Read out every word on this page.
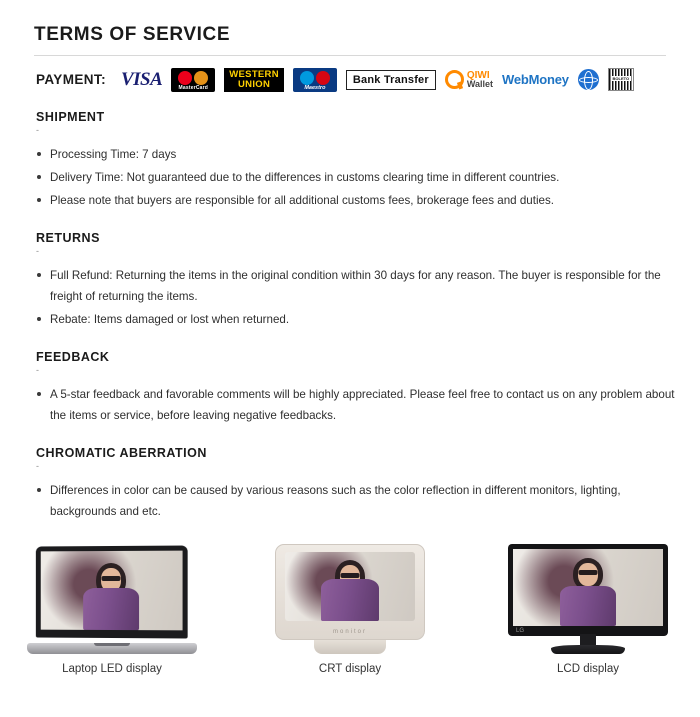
TERMS OF SERVICE
PAYMENT: VISA	MasterCard
WESTERN
UNION	Maestro
Bank Transfer	QIWI
Wallet WebMoney	BOLETO
SHIPMENT
-
Processing Time: 7 days
Delivery Time: Not guaranteed due to the differences in customs clearing time in different countries.
Please note that buyers are responsible for all additional customs fees, brokerage fees and duties.
RETURNS
-
Full Refund: Returning the items in the original condition within 30 days for any reason. The buyer is responsible for the freight of returning the items.
Rebate: Items damaged or lost when returned.
FEEDBACK
-
A 5-star feedback and favorable comments will be highly appreciated. Please feel free to contact us on any problem about the items or service, before leaving negative feedbacks.
CHROMATIC ABERRATION
-
Differences in color can be caused by various reasons such as the color reflection in different monitors, lighting, backgrounds and etc.
Laptop LED display
monitor
CRT display
LG
LCD display
